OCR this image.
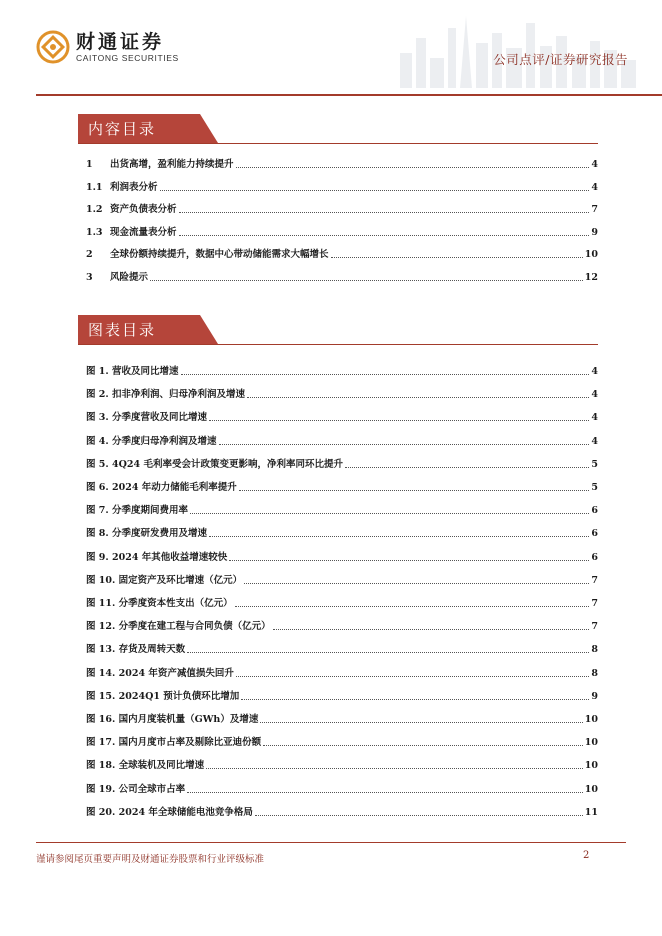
财通证券
CAITONG SECURITIES	公司点评/证券研究报告
内容目录
1	出货高增，盈利能力持续提升	4
1.1 利润表分析	4
1.2 资产负债表分析	7
1.3 现金流量表分析	9
2	全球份额持续提升，数据中心带动储能需求大幅增长	10
3	风险提示	12
图表目录
图 1. 营收及同比增速	4
图 2. 扣非净利润、归母净利润及增速	4
图 3. 分季度营收及同比增速	4
图 4. 分季度归母净利润及增速	4
图 5. 4Q24 毛利率受会计政策变更影响，净利率同环比提升	5
图 6. 2024 年动力储能毛利率提升	5
图 7. 分季度期间费用率	6
图 8. 分季度研发费用及增速	6
图 9. 2024 年其他收益增速较快	6
图 10. 固定资产及环比增速（亿元）	7
图 11. 分季度资本性支出（亿元）	7
图 12. 分季度在建工程与合同负债（亿元）	7
图 13. 存货及周转天数	8
图 14. 2024 年资产减值损失回升	8
图 15. 2024Q1 预计负债环比增加	9
图 16. 国内月度装机量（GWh）及增速	10
图 17. 国内月度市占率及剔除比亚迪份额	10
图 18. 全球装机及同比增速	10
图 19. 公司全球市占率	10
图 20. 2024 年全球储能电池竞争格局	11
谨请参阅尾页重要声明及财通证券股票和行业评级标准	2
